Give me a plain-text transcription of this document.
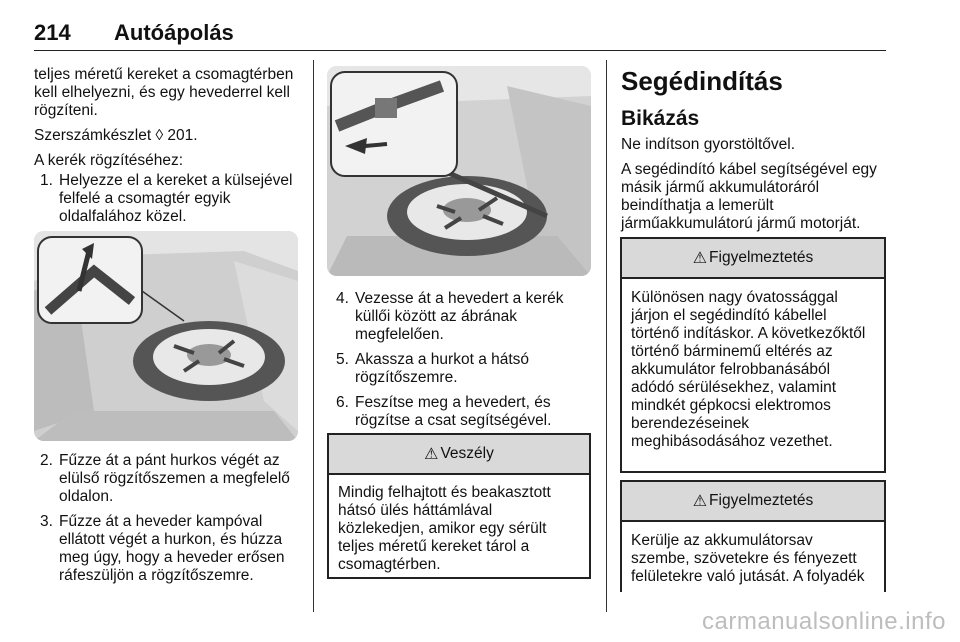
214 Autóápolás

teljes méretű kereket a csomagtérben kell elhelyezni, és egy hevederrel kell rögzíteni.

Szerszámkészlet ◊ 201.

A kerék rögzítéséhez:

1. Helyezze el a kereket a külsejével felfelé a csomagtér egyik oldalfalához közel.
2. Fűzze át a pánt hurkos végét az elülső rögzítőszemen a megfelelő oldalon.
3. Fűzze át a heveder kampóval ellátott végét a hurkon, és húzza meg úgy, hogy a heveder erősen ráfeszüljön a rögzítőszemre.
4. Vezesse át a hevedert a kerék küllői között az ábrának megfelelően.
5. Akassza a hurkot a hátsó rögzítőszemre.
6. Feszítse meg a hevedert, és rögzítse a csat segítségével.
⚠ Veszély
Mindig felhajtott és beakasztott hátsó ülés háttámlával közlekedjen, amikor egy sérült teljes méretű kereket tárol a csomagtérben.
Segédindítás
Bikázás

Ne indítson gyorstöltővel.

A segédindító kábel segítségével egy másik jármű akkumulátoráról beindíthatja a lemerült járműakkumulátorú jármű motorját.

⚠ Figyelmeztetés
Különösen nagy óvatossággal járjon el segédindító kábellel történő indításkor. A következőktől történő bárminemű eltérés az akkumulátor felrobbanásából adódó sérülésekhez, valamint mindkét gépkocsi elektromos berendezéseinek meghibásodásához vezethet.
⚠ Figyelmeztetés
Kerülje az akkumulátorsav szembe, szövetekre és fényezett felületekre való jutását. A folyadék
carmanualsonline.info
